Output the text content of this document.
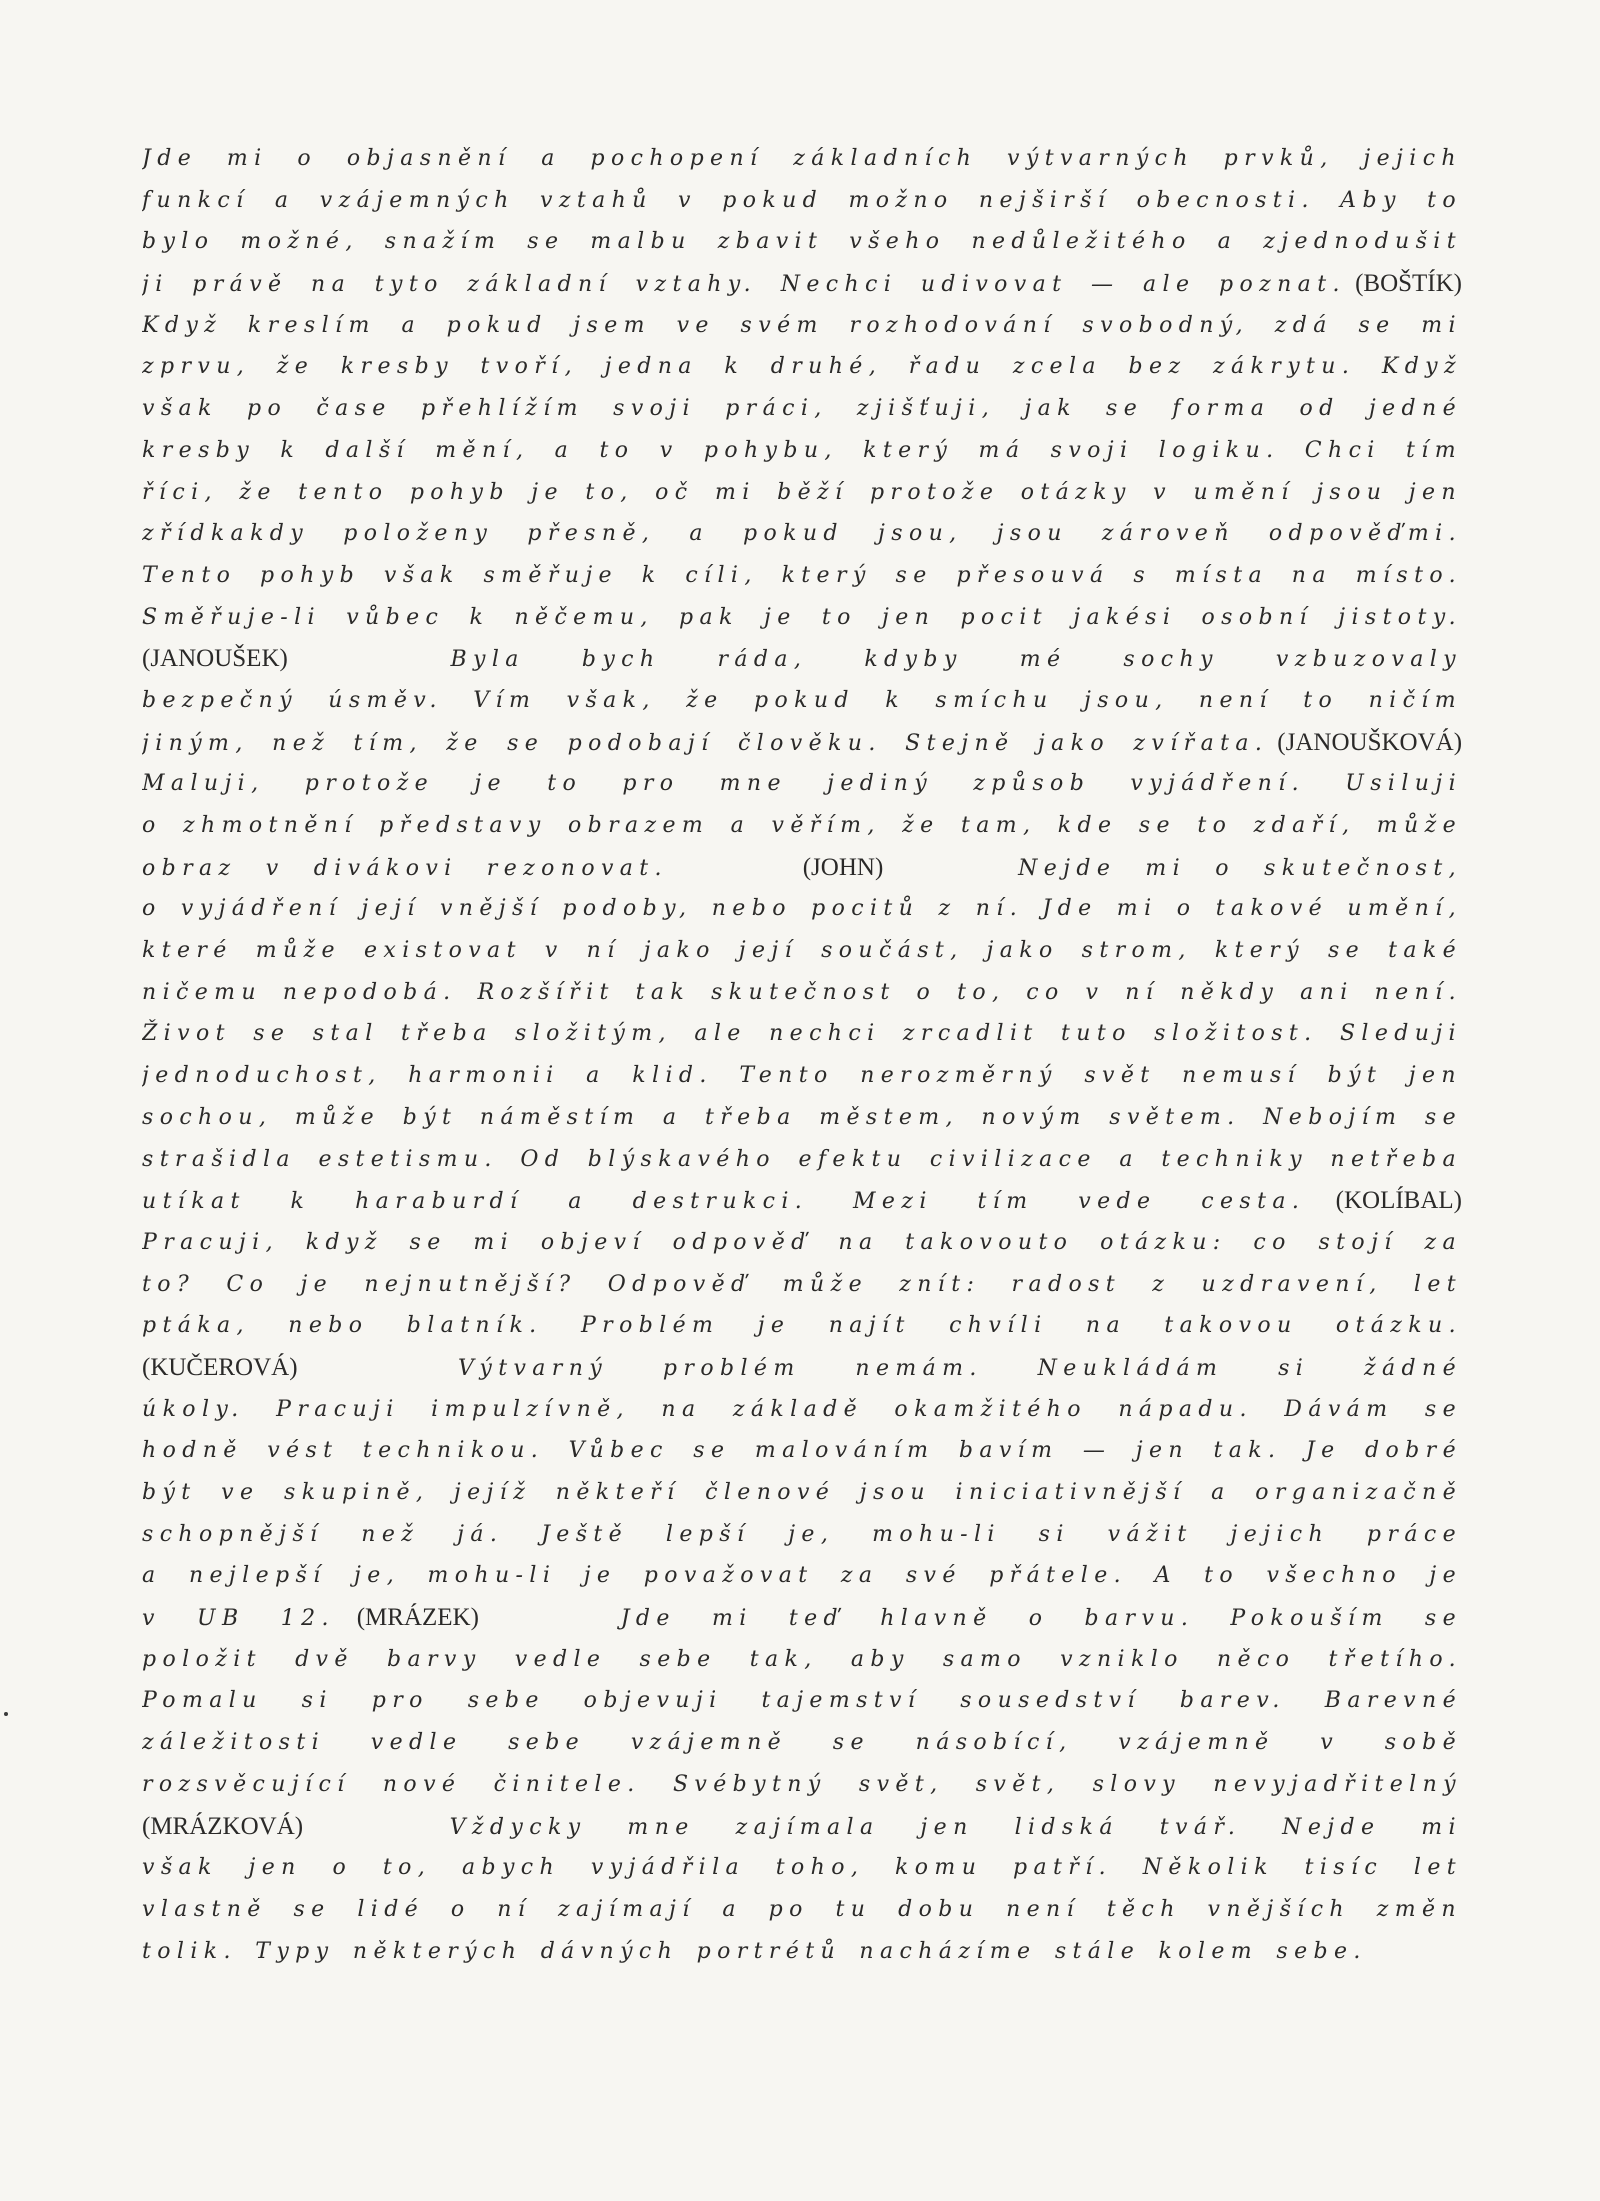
Jde mi o objasnění a pochopení základních výtvarných prvků, jejich
funkcí a vzájemných vztahů v pokud možno nejširší obecnosti. Aby to
bylo možné, snažím se malbu zbavit všeho nedůležitého a zjednodušit
ji právě na tyto základní vztahy. Nechci udivovat — ale poznat. (BOŠTÍK)
Když kreslím a pokud jsem ve svém rozhodování svobodný, zdá se mi
zprvu, že kresby tvoří, jedna k druhé, řadu zcela bez zákrytu. Když
však po čase přehlížím svoji práci, zjišťuji, jak se forma od jedné
kresby k další mění, a to v pohybu, který má svoji logiku. Chci tím
říci, že tento pohyb je to, oč mi běží protože otázky v umění jsou jen
zřídkakdy položeny přesně, a pokud jsou, jsou zároveň odpověďmi.
Tento pohyb však směřuje k cíli, který se přesouvá s místa na místo.
Směřuje-li vůbec k něčemu, pak je to jen pocit jakési osobní jistoty.
(JANOUŠEK)	Byla bych ráda, kdyby mé sochy vzbuzovaly
bezpečný úsměv. Vím však, že pokud k smíchu jsou, není to ničím
jiným, než tím, že se podobají člověku. Stejně jako zvířata. (JANOUŠKOVÁ)
Maluji, protože je to pro mne jediný způsob vyjádření. Usiluji
o zhmotnění představy obrazem a věřím, že tam, kde se to zdaří, může
obraz v divákovi rezonovat.	(JOHN)	Nejde mi o skutečnost,
o vyjádření její vnější podoby, nebo pocitů z ní. Jde mi o takové umění,
které může existovat v ní jako její součást, jako strom, který se také
ničemu nepodobá. Rozšířit tak skutečnost o to, co v ní někdy ani není.
Život se stal třeba složitým, ale nechci zrcadlit tuto složitost. Sleduji
jednoduchost, harmonii a klid. Tento nerozměrný svět nemusí být jen
sochou, může být náměstím a třeba městem, novým světem. Nebojím se
strašidla estetismu. Od blýskavého efektu civilizace a techniky netřeba
utíkat k haraburdí a destrukci. Mezi tím vede cesta. (KOLÍBAL)
Pracuji, když se mi objeví odpověď na takovouto otázku: co stojí za
to? Co je nejnutnější? Odpověď může znít: radost z uzdravení, let
ptáka, nebo blatník. Problém je najít chvíli na takovou otázku.
(KUČEROVÁ)	Výtvarný problém nemám. Neukládám si žádné
úkoly. Pracuji impulzívně, na základě okamžitého nápadu. Dávám se
hodně vést technikou. Vůbec se malováním bavím — jen tak. Je dobré
být ve skupině, jejíž někteří členové jsou iniciativnější a organizačně
schopnější než já. Ještě lepší je, mohu-li si vážit jejich práce
a nejlepší je, mohu-li je považovat za své přátele. A to všechno je
v UB 12. (MRÁZEK)	Jde mi teď hlavně o barvu. Pokouším se
položit dvě barvy vedle sebe tak, aby samo vzniklo něco třetího.
Pomalu si pro sebe objevuji tajemství sousedství barev. Barevné
záležitosti vedle sebe vzájemně se násobící, vzájemně v sobě
rozsvěcující nové činitele. Svébytný svět, svět, slovy nevyjadřitelný
(MRÁZKOVÁ)	Vždycky mne zajímala jen lidská tvář. Nejde mi
však jen o to, abych vyjádřila toho, komu patří. Několik tisíc let
vlastně se lidé o ní zajímají a po tu dobu není těch vnějších změn
tolik. Typy některých dávných portrétů nacházíme stále kolem sebe.
